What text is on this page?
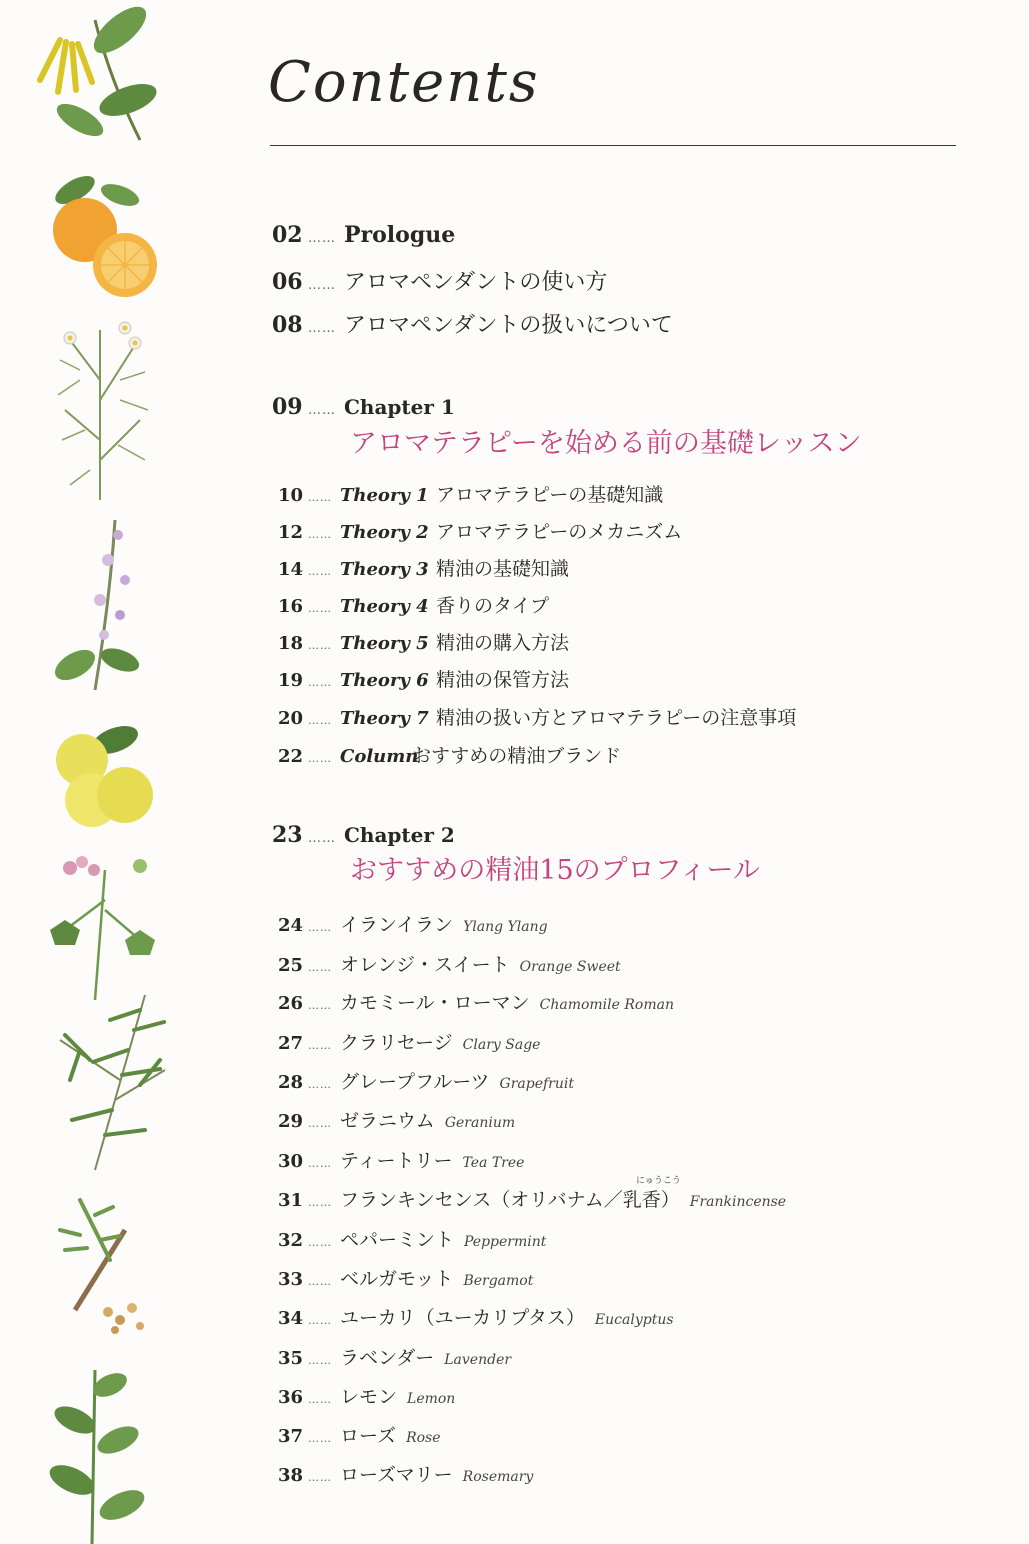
Contents
02 …… Prologue
06 …… アロマペンダントの使い方
08 …… アロマペンダントの扱いについて
09 …… Chapter 1
アロマテラピーを始める前の基礎レッスン
10 …… Theory 1 アロマテラピーの基礎知識
12 …… Theory 2 アロマテラピーのメカニズム
14 …… Theory 3 精油の基礎知識
16 …… Theory 4 香りのタイプ
18 …… Theory 5 精油の購入方法
19 …… Theory 6 精油の保管方法
20 …… Theory 7 精油の扱い方とアロマテラピーの注意事項
22 …… Column
おすすめの精油ブランド
23 …… Chapter 2
おすすめの精油15のプロフィール
24 …… イランイラン Ylang Ylang
25 …… オレンジ・スイート Orange Sweet
26 …… カモミール・ローマン Chamomile Roman
27 …… クラリセージ Clary Sage
28 …… グレープフルーツ Grapefruit
29 …… ゼラニウム Geranium
30 …… ティートリー Tea Tree
にゅうこう
31 …… フランキンセンス（オリバナム／乳香） Frankincense
32 …… ペパーミント Peppermint
33 …… ベルガモット Bergamot
34 …… ユーカリ（ユーカリプタス） Eucalyptus
35 …… ラベンダー Lavender
36 …… レモン Lemon
37 …… ローズ Rose
38 …… ローズマリー Rosemary
